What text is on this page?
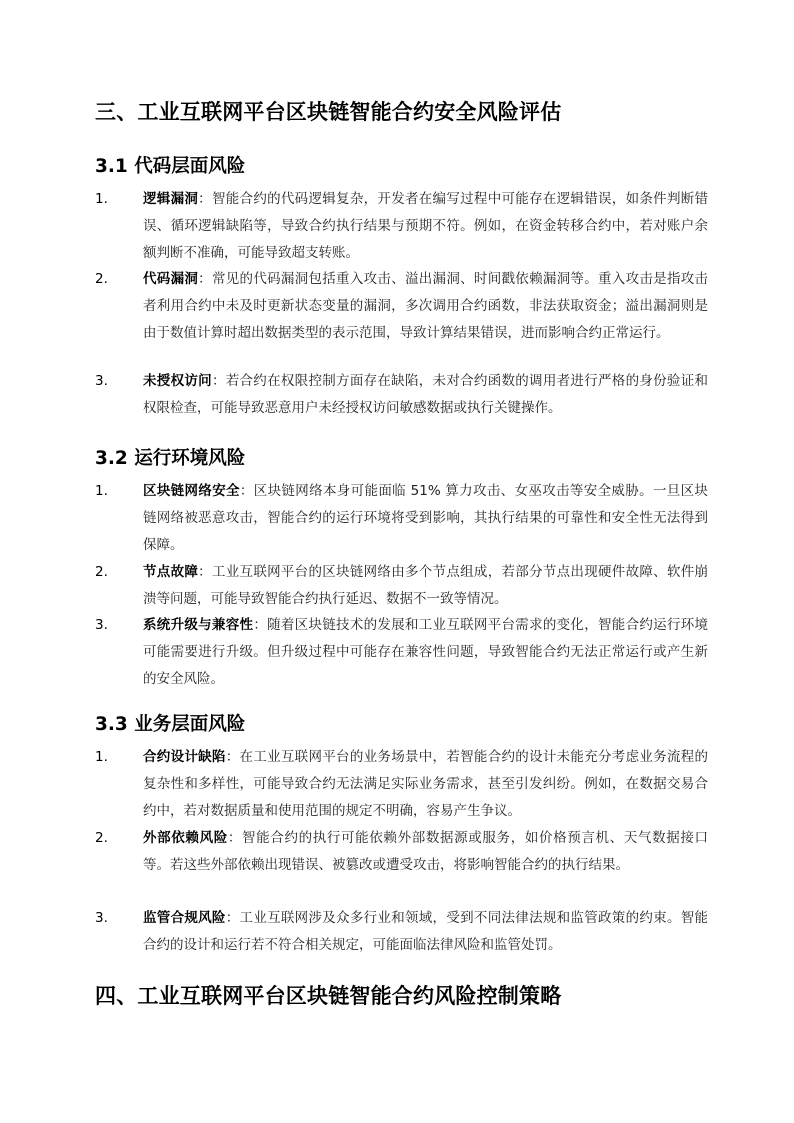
三、工业互联网平台区块链智能合约安全风险评估
3.1 代码层面风险
1.	逻辑漏洞：智能合约的代码逻辑复杂，开发者在编写过程中可能存在逻辑错误，如条件判断错误、循环逻辑缺陷等，导致合约执行结果与预期不符。例如，在资金转移合约中，若对账户余额判断不准确，可能导致超支转账。
2.	代码漏洞：常见的代码漏洞包括重入攻击、溢出漏洞、时间戳依赖漏洞等。重入攻击是指攻击者利用合约中未及时更新状态变量的漏洞，多次调用合约函数，非法获取资金；溢出漏洞则是由于数值计算时超出数据类型的表示范围，导致计算结果错误，进而影响合约正常运行。
3.	未授权访问：若合约在权限控制方面存在缺陷，未对合约函数的调用者进行严格的身份验证和权限检查，可能导致恶意用户未经授权访问敏感数据或执行关键操作。
3.2 运行环境风险
1.	区块链网络安全：区块链网络本身可能面临 51% 算力攻击、女巫攻击等安全威胁。一旦区块链网络被恶意攻击，智能合约的运行环境将受到影响，其执行结果的可靠性和安全性无法得到保障。
2.	节点故障：工业互联网平台的区块链网络由多个节点组成，若部分节点出现硬件故障、软件崩溃等问题，可能导致智能合约执行延迟、数据不一致等情况。
3.	系统升级与兼容性：随着区块链技术的发展和工业互联网平台需求的变化，智能合约运行环境可能需要进行升级。但升级过程中可能存在兼容性问题，导致智能合约无法正常运行或产生新的安全风险。
3.3 业务层面风险
1.	合约设计缺陷：在工业互联网平台的业务场景中，若智能合约的设计未能充分考虑业务流程的复杂性和多样性，可能导致合约无法满足实际业务需求，甚至引发纠纷。例如，在数据交易合约中，若对数据质量和使用范围的规定不明确，容易产生争议。
2.	外部依赖风险：智能合约的执行可能依赖外部数据源或服务，如价格预言机、天气数据接口等。若这些外部依赖出现错误、被篡改或遭受攻击，将影响智能合约的执行结果。
3.	监管合规风险：工业互联网涉及众多行业和领域，受到不同法律法规和监管政策的约束。智能合约的设计和运行若不符合相关规定，可能面临法律风险和监管处罚。
四、工业互联网平台区块链智能合约风险控制策略
